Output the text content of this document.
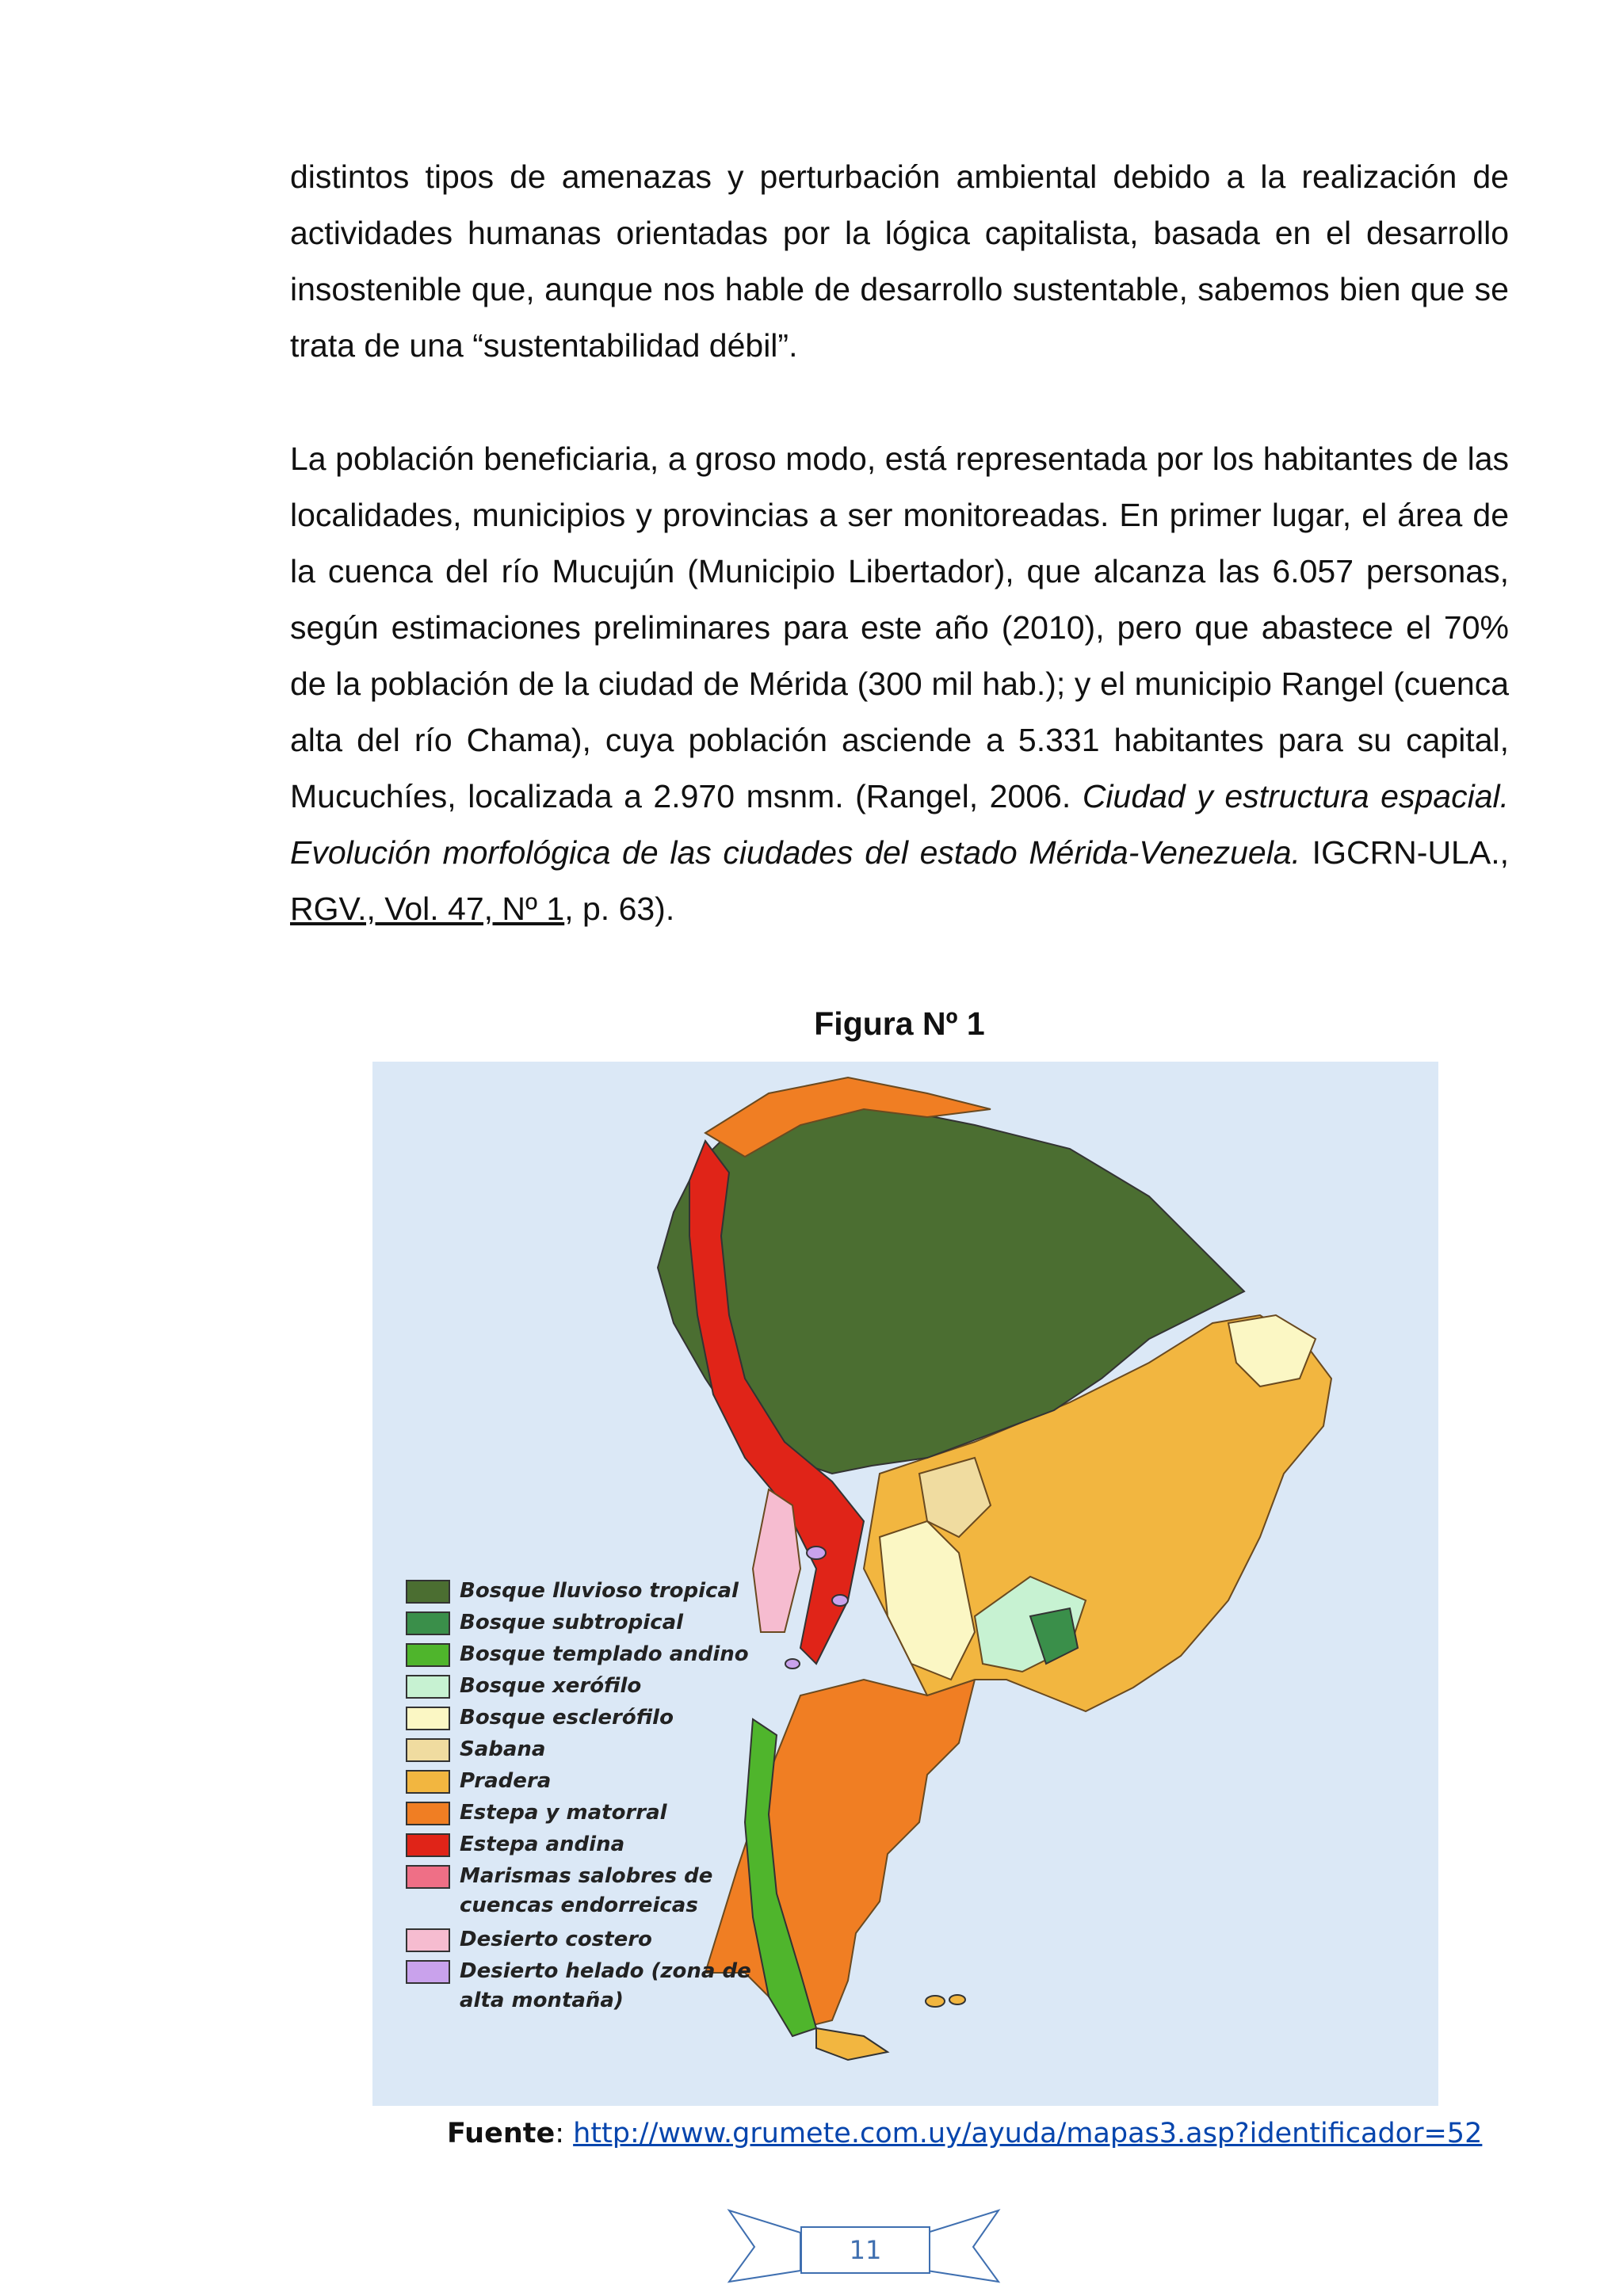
distintos tipos de amenazas y perturbación ambiental debido a la realización de actividades humanas orientadas por la lógica capitalista, basada en el desarrollo insostenible que, aunque nos hable de desarrollo sustentable, sabemos bien que se trata de una “sustentabilidad débil”.

La población beneficiaria, a groso modo, está representada por los habitantes de las localidades, municipios y provincias a ser monitoreadas. En primer lugar, el área de la cuenca del río Mucujún (Municipio Libertador), que alcanza las 6.057 personas, según estimaciones preliminares para este año (2010), pero que abastece el 70% de la población de la ciudad de Mérida (300 mil hab.); y el municipio Rangel (cuenca alta del río Chama), cuya población asciende a 5.331 habitantes para su capital, Mucuchíes, localizada a 2.970 msnm. (Rangel, 2006. Ciudad y estructura espacial. Evolución morfológica de las ciudades del estado Mérida-Venezuela. IGCRN-ULA., RGV., Vol. 47, Nº 1, p. 63).

Figura Nº 1
Bosque lluvioso tropical
Bosque subtropical
Bosque templado andino
Bosque xerófilo
Bosque esclerófilo
Sabana
Pradera
Estepa y matorral
Estepa andina
Marismas salobres de cuencas endorreicas
Desierto costero
Desierto helado (zona de alta montaña)
Fuente: http://www.grumete.com.uy/ayuda/mapas3.asp?identificador=52
11
